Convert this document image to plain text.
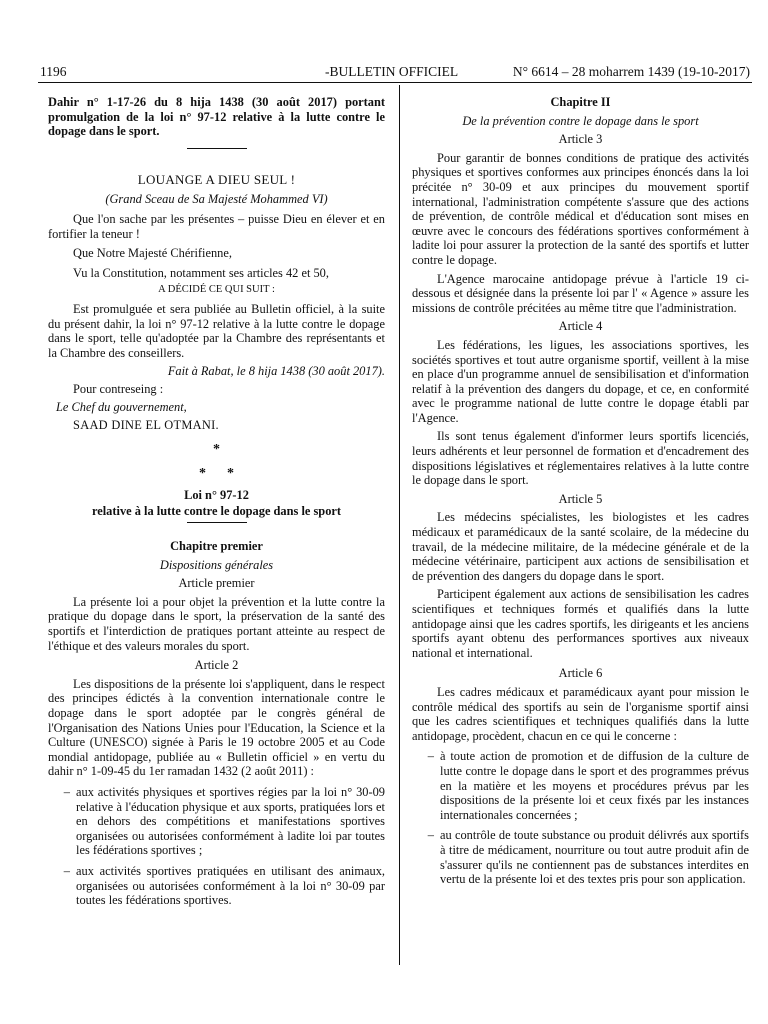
1196	-BULLETIN OFFICIEL	N° 6614 – 28 moharrem 1439 (19-10-2017)

Dahir n° 1-17-26 du 8 hija 1438 (30 août 2017) portant promulgation de la loi n° 97-12 relative à la lutte contre le dopage dans le sport.

LOUANGE A DIEU SEUL !

(Grand Sceau de Sa Majesté Mohammed VI)

Que l'on sache par les présentes – puisse Dieu en élever et en fortifier la teneur !

Que Notre Majesté Chérifienne,

Vu la Constitution, notamment ses articles 42 et 50,

A DÉCIDÉ CE QUI SUIT :

Est promulguée et sera publiée au Bulletin officiel, à la suite du présent dahir, la loi n° 97-12 relative à la lutte contre le dopage dans le sport, telle qu'adoptée par la Chambre des représentants et la Chambre des conseillers.

Fait à Rabat, le 8 hija 1438 (30 août 2017).

Pour contreseing :

Le Chef du gouvernement,

SAAD DINE EL OTMANI.

*

*      *

Loi n° 97-12

relative à la lutte contre le dopage dans le sport

Chapitre premier

Dispositions générales

Article premier

La présente loi a pour objet la prévention et la lutte contre la pratique du dopage dans le sport, la préservation de la santé des sportifs et l'interdiction de pratiques portant atteinte au respect de l'éthique et des valeurs morales du sport.

Article 2

Les dispositions de la présente loi s'appliquent, dans le respect des principes édictés à la convention internationale contre le dopage dans le sport adoptée par le congrès général de l'Organisation des Nations Unies pour l'Education, la Science et la Culture (UNESCO) signée à Paris le 19 octobre 2005 et au Code mondial antidopage, publiée au « Bulletin officiel » en vertu du dahir n° 1-09-45 du 1er ramadan 1432 (2 août 2011) :

– aux activités physiques et sportives régies par la loi n° 30-09 relative à l'éducation physique et aux sports, pratiquées lors et en dehors des compétitions et manifestations sportives organisées ou autorisées conformément à ladite loi par toutes les fédérations sportives ;
– aux activités sportives pratiquées en utilisant des animaux, organisées ou autorisées conformément à la loi n° 30-09 par toutes les fédérations sportives.

Chapitre II

De la prévention contre le dopage dans le sport

Article 3

Pour garantir de bonnes conditions de pratique des activités physiques et sportives conformes aux principes énoncés dans la loi précitée n° 30-09 et aux principes du mouvement sportif international, l'administration compétente s'assure que des actions de prévention, de contrôle médical et d'éducation sont mises en œuvre avec le concours des fédérations sportives conformément à ladite loi pour assurer la protection de la santé des sportifs et lutter contre le dopage.

L'Agence marocaine antidopage prévue à l'article 19 ci-dessous et désignée dans la présente loi par l' « Agence » assure les missions de contrôle précitées au même titre que l'administration.

Article 4

Les fédérations, les ligues, les associations sportives, les sociétés sportives et tout autre organisme sportif, veillent à la mise en place d'un programme annuel de sensibilisation et d'information relatif à la prévention des dangers du dopage, et ce, en conformité avec le programme national de lutte contre le dopage établi par l'Agence.

Ils sont tenus également d'informer leurs sportifs licenciés, leurs adhérents et leur personnel de formation et d'encadrement des dispositions législatives et réglementaires relatives à la lutte contre le dopage dans le sport.

Article 5

Les médecins spécialistes, les biologistes et les cadres médicaux et paramédicaux de la santé scolaire, de la médecine du travail, de la médecine militaire, de la médecine générale et de la médecine vétérinaire, participent aux actions de sensibilisation et de prévention des dangers du dopage dans le sport.

Participent également aux actions de sensibilisation les cadres scientifiques et techniques formés et qualifiés dans la lutte antidopage ainsi que les cadres sportifs, les dirigeants et les anciens sportifs ayant obtenu des performances sportives aux niveaux national et international.

Article 6

Les cadres médicaux et paramédicaux ayant pour mission le contrôle médical des sportifs au sein de l'organisme sportif ainsi que les cadres scientifiques et techniques qualifiés dans la lutte antidopage, procèdent, chacun en ce qui le concerne :

– à toute action de promotion et de diffusion de la culture de lutte contre le dopage dans le sport et des programmes prévus en la matière et les moyens et procédures prévus par les dispositions de la présente loi et ceux fixés par les instances internationales concernées ;
– au contrôle de toute substance ou produit délivrés aux sportifs à titre de médicament, nourriture ou tout autre produit afin de s'assurer qu'ils ne contiennent pas de substances interdites en vertu de la présente loi et des textes pris pour son application.
